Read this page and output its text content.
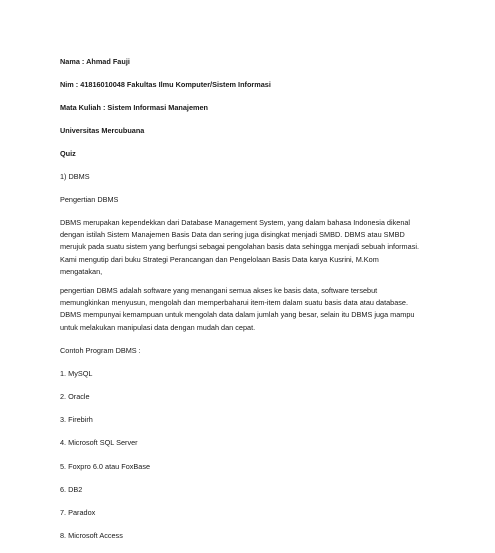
Nama : Ahmad Fauji
Nim : 41816010048 Fakultas Ilmu Komputer/Sistem Informasi
Mata Kuliah : Sistem Informasi Manajemen
Universitas Mercubuana
Quiz
1) DBMS
Pengertian DBMS
DBMS merupakan kependekkan dari Database Management System, yang dalam bahasa Indonesia dikenal
dengan istilah Sistem Manajemen Basis Data dan sering juga disingkat menjadi SMBD. DBMS atau SMBD
merujuk pada suatu sistem yang berfungsi sebagai pengolahan basis data sehingga menjadi sebuah informasi.
Kami mengutip dari buku Strategi Perancangan dan Pengelolaan Basis Data karya Kusrini, M.Kom
mengatakan,
pengertian DBMS adalah software yang menangani semua akses ke basis data, software tersebut
memungkinkan menyusun, mengolah dan memperbaharui item-item dalam suatu basis data atau database.
DBMS mempunyai kemampuan untuk mengolah data dalam jumlah yang besar, selain itu DBMS juga mampu
untuk melakukan manipulasi data dengan mudah dan cepat.
Contoh Program DBMS :
1. MySQL
2. Oracle
3. Firebirh
4. Microsoft SQL Server
5. Foxpro 6.0 atau FoxBase
6. DB2
7. Paradox
8. Microsoft Access
